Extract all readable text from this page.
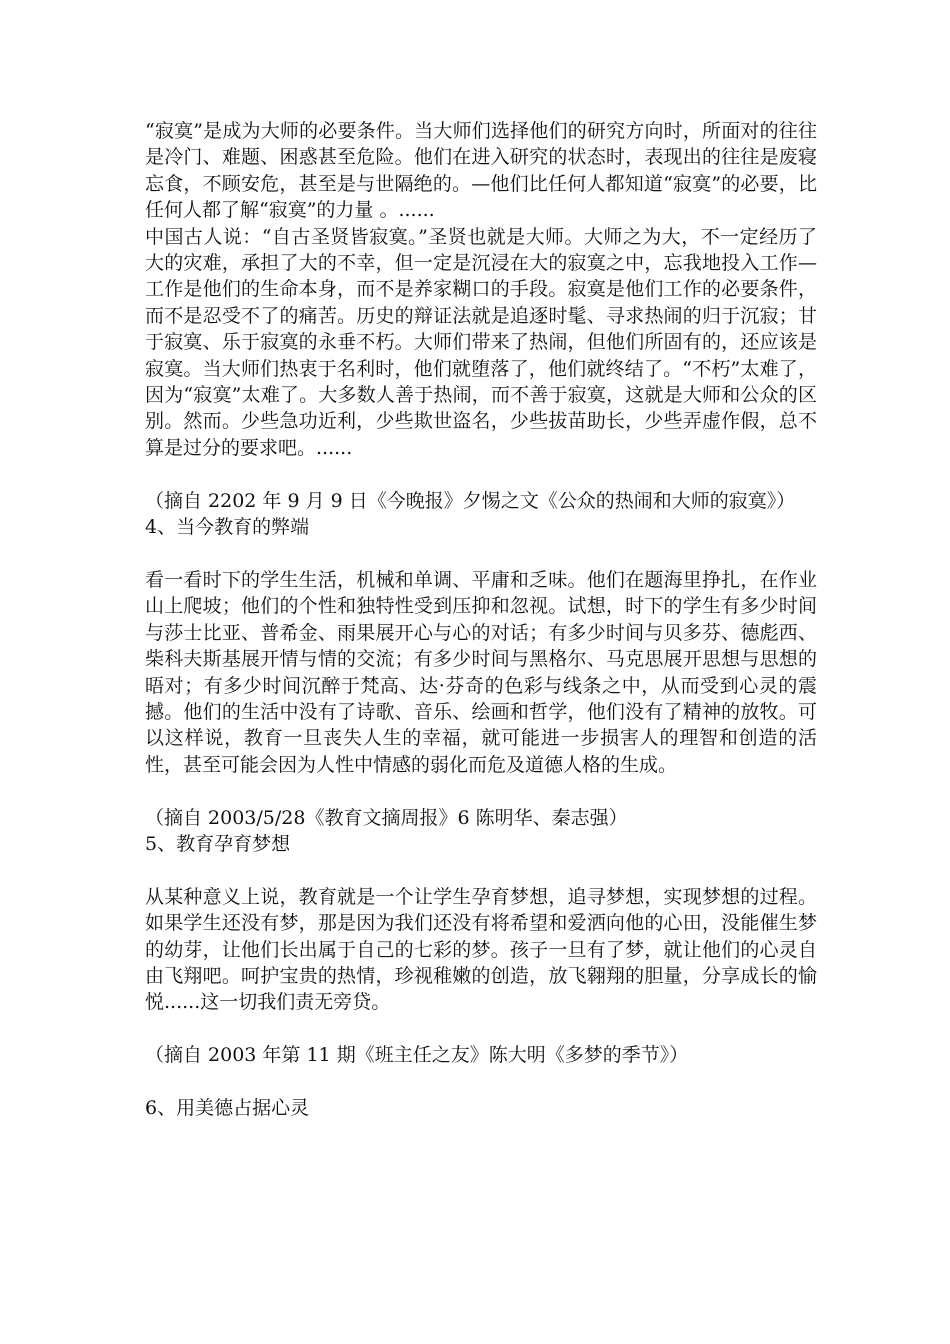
“寂寞”是成为大师的必要条件。当大师们选择他们的研究方向时，所面对的往往是冷门、难题、困惑甚至危险。他们在进入研究的状态时，表现出的往往是废寝忘食，不顾安危，甚至是与世隔绝的。—他们比任何人都知道“寂寞”的必要，比任何人都了解“寂寞”的力量 。......

中国古人说：“自古圣贤皆寂寞。”圣贤也就是大师。大师之为大，不一定经历了大的灾难，承担了大的不幸，但一定是沉浸在大的寂寞之中，忘我地投入工作—工作是他们的生命本身，而不是养家糊口的手段。寂寞是他们工作的必要条件，而不是忍受不了的痛苦。历史的辩证法就是追逐时髦、寻求热闹的归于沉寂；甘于寂寞、乐于寂寞的永垂不朽。大师们带来了热闹，但他们所固有的，还应该是寂寞。当大师们热衷于名利时，他们就堕落了，他们就终结了。“不朽”太难了，因为“寂寞”太难了。大多数人善于热闹，而不善于寂寞，这就是大师和公众的区别。然而。少些急功近利，少些欺世盗名，少些拔苗助长，少些弄虚作假，总不算是过分的要求吧。......

（摘自 2202 年 9 月 9 日《今晚报》夕惕之文《公众的热闹和大师的寂寞》）

4、当今教育的弊端

看一看时下的学生生活，机械和单调、平庸和乏味。他们在题海里挣扎，在作业山上爬坡；他们的个性和独特性受到压抑和忽视。试想，时下的学生有多少时间与莎士比亚、普希金、雨果展开心与心的对话；有多少时间与贝多芬、德彪西、柴科夫斯基展开情与情的交流；有多少时间与黑格尔、马克思展开思想与思想的晤对；有多少时间沉醉于梵高、达·芬奇的色彩与线条之中，从而受到心灵的震撼。他们的生活中没有了诗歌、音乐、绘画和哲学，他们没有了精神的放牧。可以这样说，教育一旦丧失人生的幸福，就可能进一步损害人的理智和创造的活性，甚至可能会因为人性中情感的弱化而危及道德人格的生成。

（摘自 2003/5/28《教育文摘周报》6 陈明华、秦志强）

5、教育孕育梦想

从某种意义上说，教育就是一个让学生孕育梦想，追寻梦想，实现梦想的过程。如果学生还没有梦，那是因为我们还没有将希望和爱洒向他的心田，没能催生梦的幼芽，让他们长出属于自己的七彩的梦。孩子一旦有了梦，就让他们的心灵自由飞翔吧。呵护宝贵的热情，珍视稚嫩的创造，放飞翱翔的胆量，分享成长的愉悦......这一切我们责无旁贷。

（摘自 2003 年第 11 期《班主任之友》陈大明《多梦的季节》）

6、用美德占据心灵
